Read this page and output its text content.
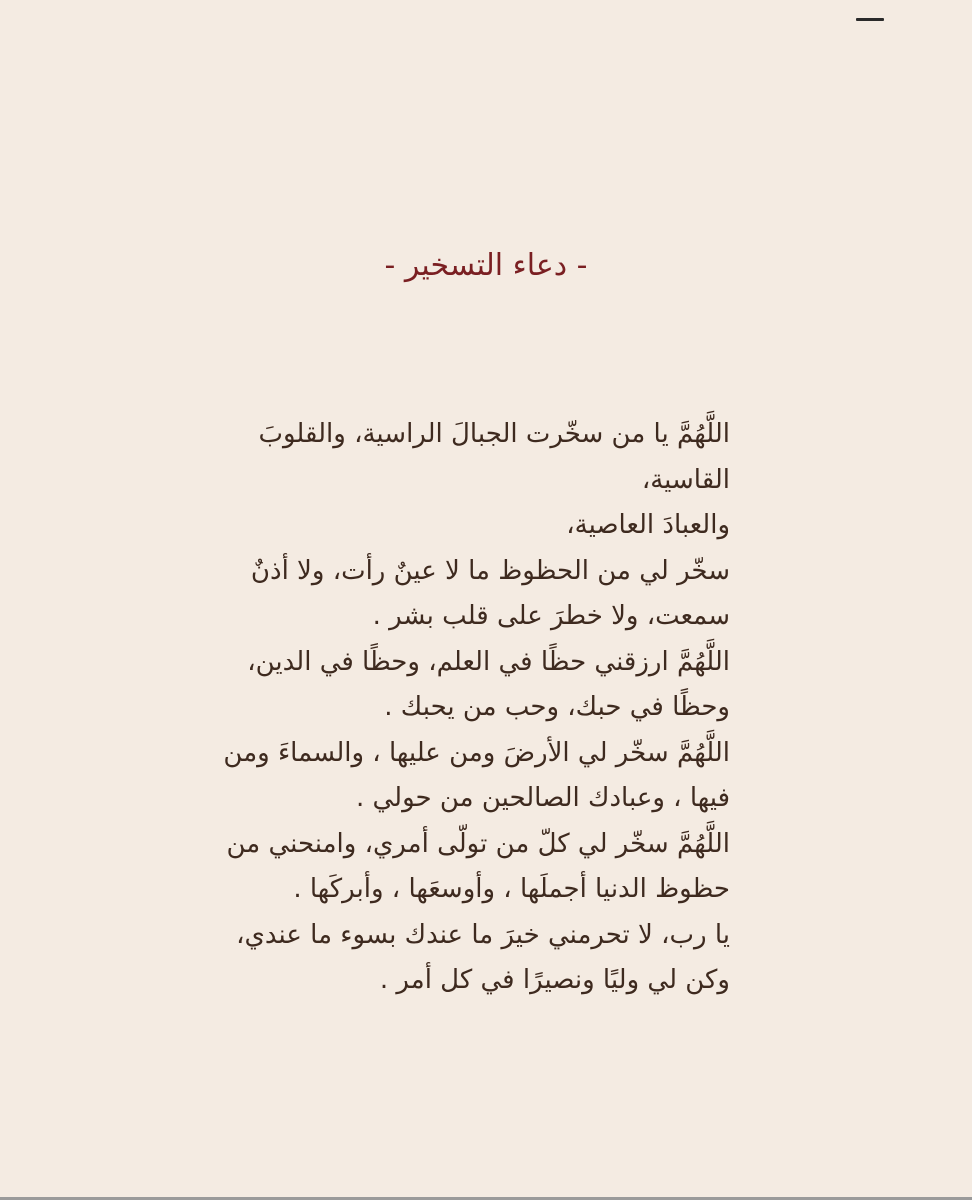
- دعاء التسخير -
اللَّهُمَّ يا من سخّرت الجبالَ الراسية، والقلوبَ
القاسية،
والعبادَ العاصية،
سخّر لي من الحظوظ ما لا عينٌ رأت، ولا أذنٌ
سمعت، ولا خطرَ على قلب بشر .
اللَّهُمَّ ارزقني حظًا في العلم، وحظًا في الدين،
وحظًا في حبك، وحب من يحبك .
اللَّهُمَّ سخّر لي الأرضَ ومن عليها ، والسماءَ ومن
فيها ، وعبادك الصالحين من حولي .
اللَّهُمَّ سخّر لي كلّ من تولّى أمري، وامنحني من
حظوظ الدنيا أجملَها ، وأوسعَها ، وأبركَها .
يا رب، لا تحرمني خيرَ ما عندك بسوء ما عندي،
وكن لي وليًا ونصيرًا في كل أمر .
